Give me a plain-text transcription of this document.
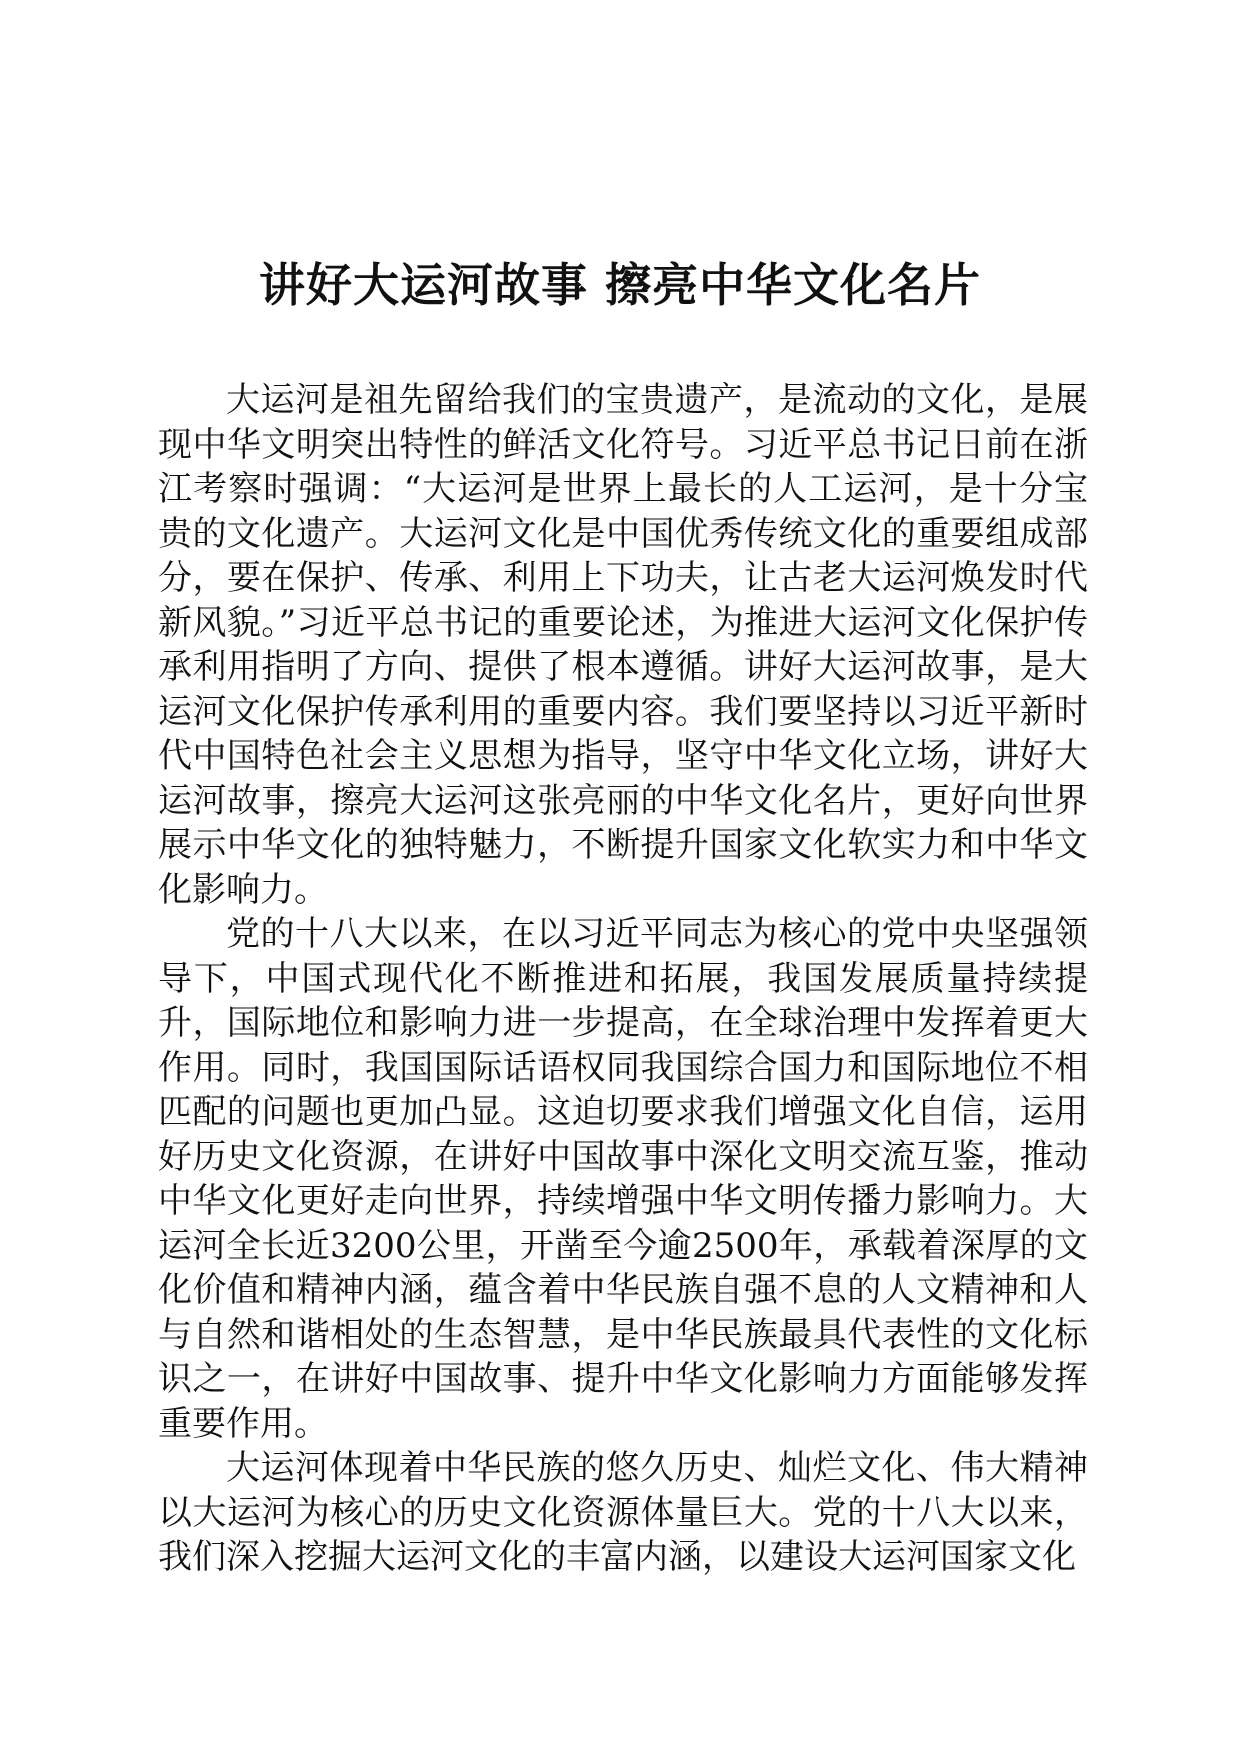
讲好大运河故事 擦亮中华文化名片

大运河是祖先留给我们的宝贵遗产，是流动的文化，是展现中华文明突出特性的鲜活文化符号。习近平总书记日前在浙江考察时强调：“大运河是世界上最长的人工运河，是十分宝贵的文化遗产。大运河文化是中国优秀传统文化的重要组成部分，要在保护、传承、利用上下功夫，让古老大运河焕发时代新风貌。”习近平总书记的重要论述，为推进大运河文化保护传承利用指明了方向、提供了根本遵循。讲好大运河故事，是大运河文化保护传承利用的重要内容。我们要坚持以习近平新时代中国特色社会主义思想为指导，坚守中华文化立场，讲好大运河故事，擦亮大运河这张亮丽的中华文化名片，更好向世界展示中华文化的独特魅力，不断提升国家文化软实力和中华文化影响力。

党的十八大以来，在以习近平同志为核心的党中央坚强领导下，中国式现代化不断推进和拓展，我国发展质量持续提升，国际地位和影响力进一步提高，在全球治理中发挥着更大作用。同时，我国国际话语权同我国综合国力和国际地位不相匹配的问题也更加凸显。这迫切要求我们增强文化自信，运用好历史文化资源，在讲好中国故事中深化文明交流互鉴，推动中华文化更好走向世界，持续增强中华文明传播力影响力。大运河全长近3200公里，开凿至今逾2500年，承载着深厚的文化价值和精神内涵，蕴含着中华民族自强不息的人文精神和人与自然和谐相处的生态智慧，是中华民族最具代表性的文化标识之一，在讲好中国故事、提升中华文化影响力方面能够发挥重要作用。

大运河体现着中华民族的悠久历史、灿烂文化、伟大精神以大运河为核心的历史文化资源体量巨大。党的十八大以来，我们深入挖掘大运河文化的丰富内涵，以建设大运河国家文化
